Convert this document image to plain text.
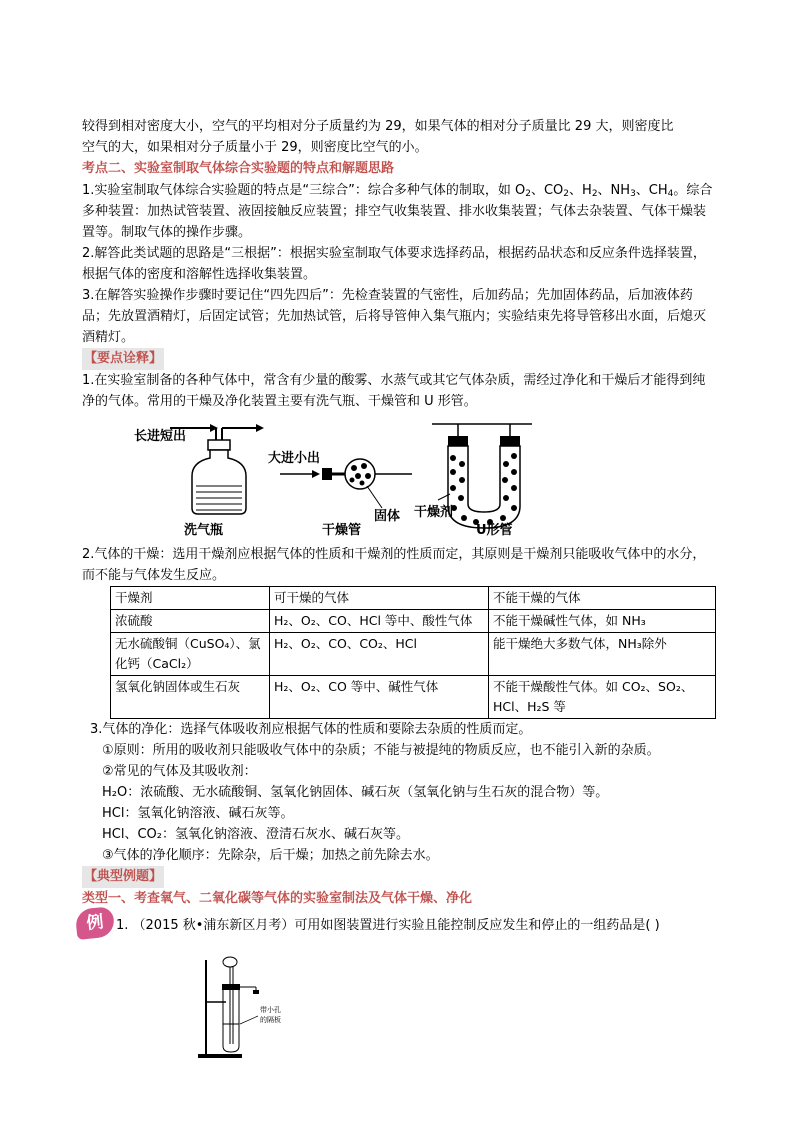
较得到相对密度大小，空气的平均相对分子质量约为 29，如果气体的相对分子质量比 29 大，则密度比
空气的大，如果相对分子质量小于 29，则密度比空气的小。
考点二、实验室制取气体综合实验题的特点和解题思路
1.实验室制取气体综合实验题的特点是“三综合”：综合多种气体的制取，如 $O_2$、$CO_2$、$H_2$、$NH_3$、$CH_4$。综合多种装置：加热试管装置、液固接触反应装置；排空气收集装置、排水收集装置；气体去杂装置、气体干燥装置等。制取气体的操作步骤。
2.解答此类试题的思路是“三根据”：根据实验室制取气体要求选择药品，根据药品状态和反应条件选择装置，根据气体的密度和溶解性选择收集装置。
3.在解答实验操作步骤时要记住“四先四后”：先检查装置的气密性，后加药品；先加固体药品，后加液体药品；先放置酒精灯，后固定试管；先加热试管，后将导管伸入集气瓶内；实验结束先将导管移出水面，后熄灭酒精灯。
【要点诠释】
1.在实验室制备的各种气体中，常含有少量的酸雾、水蒸气或其它气体杂质，需经过净化和干燥后才能得到纯净的气体。常用的干燥及净化装置主要有洗气瓶、干燥管和 U 形管。
长进短出
洗气瓶
大进小出
固体
干燥管
干燥剂
U形管
2.气体的干燥：选用干燥剂应根据气体的性质和干燥剂的性质而定，其原则是干燥剂只能吸收气体中的水分，而不能与气体发生反应。
干燥剂	可干燥的气体	不能干燥的气体
浓硫酸	H₂、O₂、CO、HCl 等中、酸性气体	不能干燥碱性气体，如 NH₃
无水硫酸铜（CuSO₄）、氯化钙（CaCl₂）	H₂、O₂、CO、CO₂、HCl	能干燥绝大多数气体，NH₃除外
氢氧化钠固体或生石灰	H₂、O₂、CO 等中、碱性气体	不能干燥酸性气体。如 CO₂、SO₂、HCl、H₂S 等
3.气体的净化：选择气体吸收剂应根据气体的性质和要除去杂质的性质而定。
①原则：所用的吸收剂只能吸收气体中的杂质；不能与被提纯的物质反应，也不能引入新的杂质。
②常见的气体及其吸收剂：
H₂O：浓硫酸、无水硫酸铜、氢氧化钠固体、碱石灰（氢氧化钠与生石灰的混合物）等。
HCl：氢氧化钠溶液、碱石灰等。
HCl、CO₂：氢氧化钠溶液、澄清石灰水、碱石灰等。
③气体的净化顺序：先除杂，后干燥；加热之前先除去水。
【典型例题】
类型一、考查氧气、二氧化碳等气体的实验室制法及气体干燥、净化
例 1. （2015 秋•浦东新区月考）可用如图装置进行实验且能控制反应发生和停止的一组药品是( )
带小孔
的隔板
